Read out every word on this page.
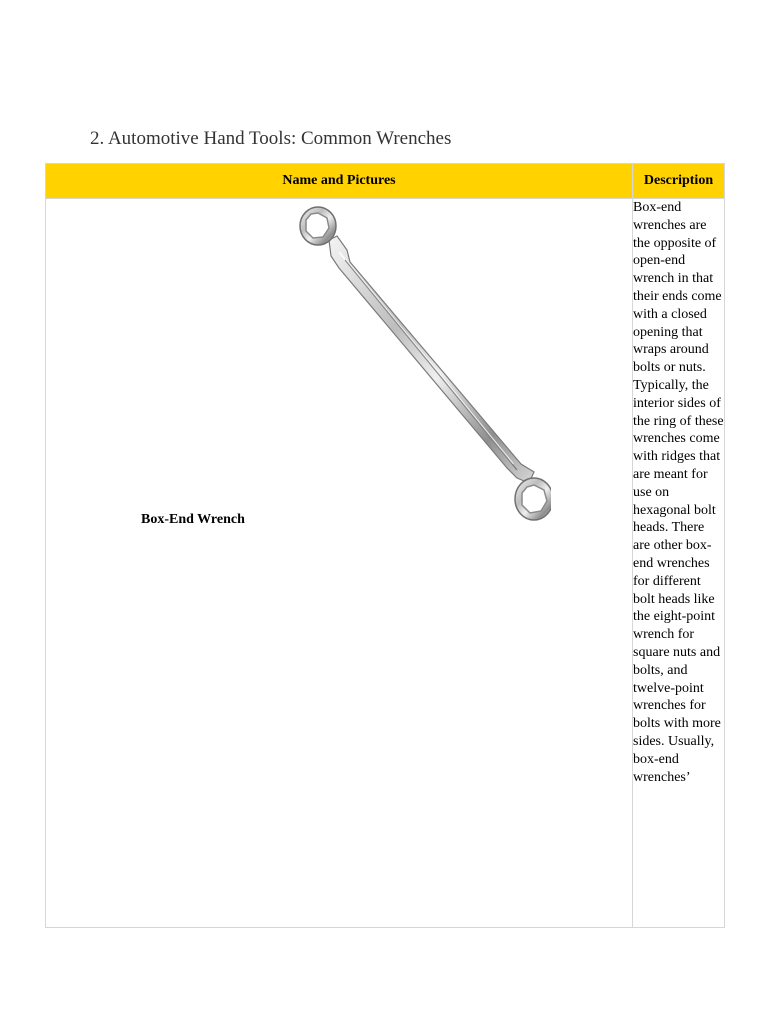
2. Automotive Hand Tools: Common Wrenches
Name and Pictures	Description

Box-End Wrench	Box-end wrenches are the opposite of open-end wrench in that their ends come with a closed opening that wraps around bolts or nuts. Typically, the interior sides of the ring of these wrenches come with ridges that are meant for use on hexagonal bolt heads. There are other box-end wrenches for different bolt heads like the eight-point wrench for square nuts and bolts, and twelve-point wrenches for bolts with more sides. Usually, box-end wrenches’
